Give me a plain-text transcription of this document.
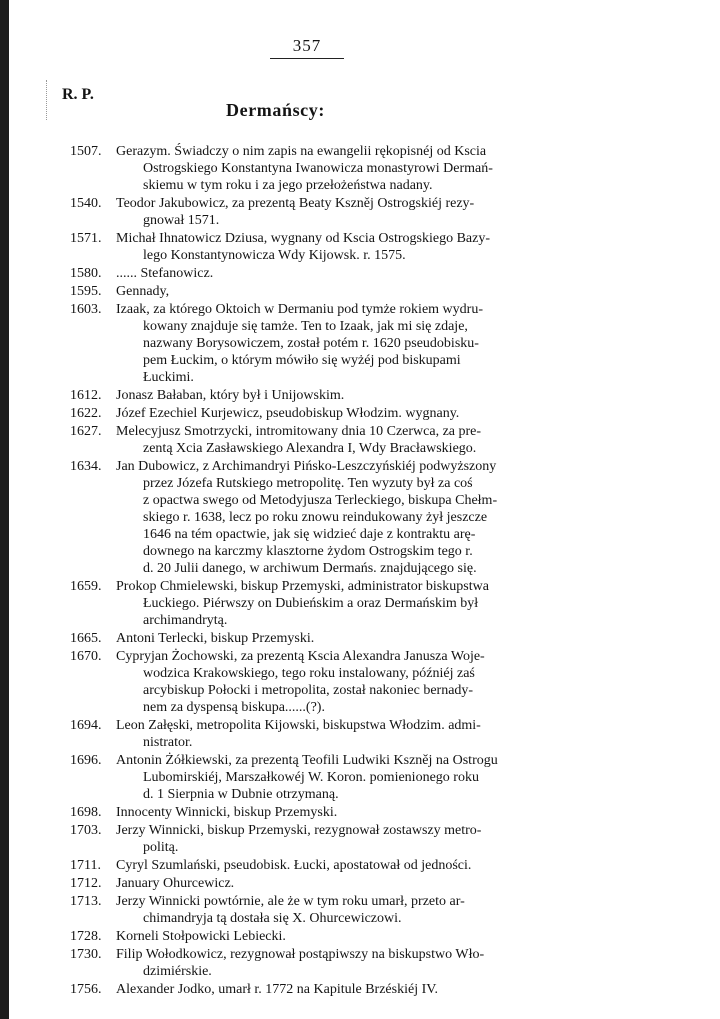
357
R. P.
Dermańscy:
1507.	Gerazym. Świadczy o nim zapis na ewangelii rękopisnéj od Kscia
Ostrogskiego Konstantyna Iwanowicza monastyrowi Dermań-
skiemu w tym roku i za jego przełożeństwa nadany.
1540.	Teodor Jakubowicz, za prezentą Beaty Kszněj Ostrogskiéj rezy-
gnował 1571.
1571.	Michał Ihnatowicz Dziusa, wygnany od Kscia Ostrogskiego Bazy-
lego Konstantynowicza Wdy Kijowsk. r. 1575.
1580.	...... Stefanowicz.
1595.	Gennady,
1603.	Izaak, za którego Oktoich w Dermaniu pod tymże rokiem wydru-
kowany znajduje się tamże. Ten to Izaak, jak mi się zdaje,
nazwany Borysowiczem, został potém r. 1620 pseudobisku-
pem Łuckim, o którym mówiło się wyżéj pod biskupami
Łuckimi.
1612.	Jonasz Bałaban, który był i Unijowskim.
1622.	Józef Ezechiel Kurjewicz, pseudobiskup Włodzim. wygnany.
1627.	Melecyjusz Smotrzycki, intromitowany dnia 10 Czerwca, za pre-
zentą Xcia Zasławskiego Alexandra I, Wdy Bracławskiego.
1634.	Jan Dubowicz, z Archimandryi Pińsko-Leszczyńskiéj podwyższony
przez Józefa Rutskiego metropolitę. Ten wyzuty był za coś
z opactwa swego od Metodyjusza Terleckiego, biskupa Chełm-
skiego r. 1638, lecz po roku znowu reindukowany żył jeszcze
1646 na tém opactwie, jak się widzieć daje z kontraktu arę-
downego na karczmy klasztorne żydom Ostrogskim tego r.
d. 20 Julii danego, w archiwum Dermańs. znajdującego się.
1659.	Prokop Chmielewski, biskup Przemyski, administrator biskupstwa
Łuckiego. Piérwszy on Dubieńskim a oraz Dermańskim był
archimandrytą.
1665.	Antoni Terlecki, biskup Przemyski.
1670.	Cypryjan Żochowski, za prezentą Kscia Alexandra Janusza Woje-
wodzica Krakowskiego, tego roku instalowany, późniéj zaś
arcybiskup Połocki i metropolita, został nakoniec bernady-
nem za dyspensą biskupa......(?).
1694.	Leon Załęski, metropolita Kijowski, biskupstwa Włodzim. admi-
nistrator.
1696.	Antonin Żółkiewski, za prezentą Teofili Ludwiki Kszněj na Ostrogu
Lubomirskiéj, Marszałkowéj W. Koron. pomienionego roku
d. 1 Sierpnia w Dubnie otrzymaną.
1698.	Innocenty Winnicki, biskup Przemyski.
1703.	Jerzy Winnicki, biskup Przemyski, rezygnował zostawszy metro-
politą.
1711.	Cyryl Szumlański, pseudobisk. Łucki, apostatował od jedności.
1712.	January Ohurcewicz.
1713.	Jerzy Winnicki powtórnie, ale że w tym roku umarł, przeto ar-
chimandryja tą dostała się X. Ohurcewiczowi.
1728.	Korneli Stołpowicki Lebiecki.
1730.	Filip Wołodkowicz, rezygnował postąpiwszy na biskupstwo Wło-
dzimiérskie.
1756.	Alexander Jodko, umarł r. 1772 na Kapitule Brzéskiéj IV.
